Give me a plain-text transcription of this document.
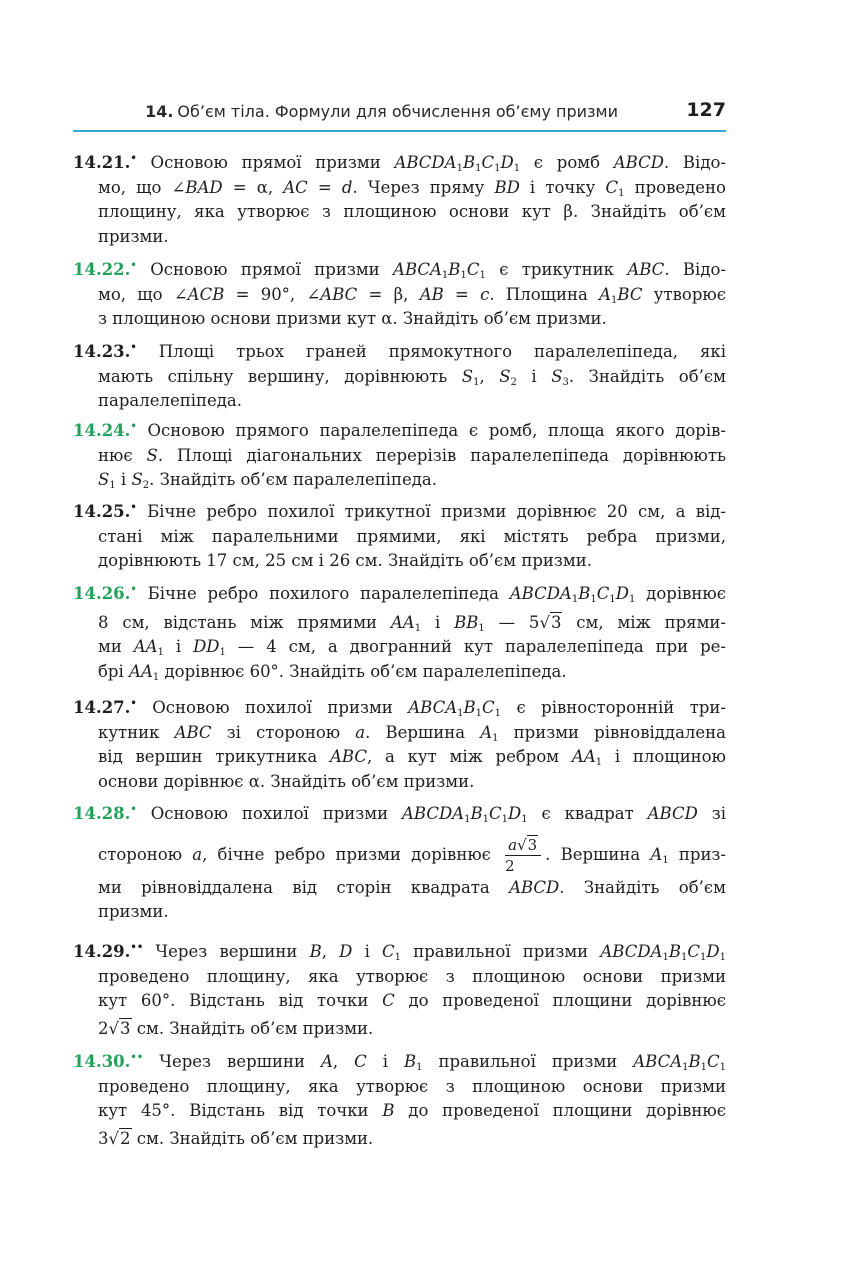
14. Об’єм тіла. Формули для обчислення об’єму призми	127
14.21.• Основою прямої призми $ABCDA_1B_1C_1D_1$ є ромб ABCD. Відо-
мо, що ∠BAD = α, AC = d. Через пряму BD і точку $C_1$ проведено
площину, яка утворює з площиною основи кут β. Знайдіть об’єм
призми.
14.22.• Основою прямої призми $ABCA_1B_1C_1$ є трикутник ABC. Відо-
мо, що ∠ACB = 90°, ∠ABC = β, AB = c. Площина $A_1BC$ утворює
з площиною основи призми кут α. Знайдіть об’єм призми.
14.23.• Площі трьох граней прямокутного паралелепіпеда, які
мають спільну вершину, дорівнюють $S_1$, $S_2$ і $S_3$. Знайдіть об’єм
паралелепіпеда.
14.24.• Основою прямого паралелепіпеда є ромб, площа якого дорів-
нює S. Площі діагональних перерізів паралелепіпеда дорівнюють
$S_1$ і $S_2$. Знайдіть об’єм паралелепіпеда.
14.25.• Бічне ребро похилої трикутної призми дорівнює 20 см, а від-
стані між паралельними прямими, які містять ребра призми,
дорівнюють 17 см, 25 см і 26 см. Знайдіть об’єм призми.
14.26.• Бічне ребро похилого паралелепіпеда $ABCDA_1B_1C_1D_1$ дорівнює
8 см, відстань між прямими $AA_1$ і $BB_1$ — 5√3 см, між прями-
ми $AA_1$ і $DD_1$ — 4 см, а двогранний кут паралелепіпеда при ре-
брі $AA_1$ дорівнює 60°. Знайдіть об’єм паралелепіпеда.
14.27.• Основою похилої призми $ABCA_1B_1C_1$ є рівносторонній три-
кутник ABC зі стороною a. Вершина $A_1$ призми рівновіддалена
від вершин трикутника ABC, а кут між ребром $AA_1$ і площиною
основи дорівнює α. Знайдіть об’єм призми.
14.28.• Основою похилої призми $ABCDA_1B_1C_1D_1$ є квадрат ABCD зі
стороною a, бічне ребро призми дорівнює $\frac{a√3}{2}$ . Вершина $A_1$ приз-
ми рівновіддалена від сторін квадрата ABCD. Знайдіть об’єм
призми.
14.29.•• Через вершини B, D і $C_1$ правильної призми $ABCDA_1B_1C_1D_1$
проведено площину, яка утворює з площиною основи призми
кут 60°. Відстань від точки C до проведеної площини дорівнює
2√3 см. Знайдіть об’єм призми.
14.30.•• Через вершини A, C і $B_1$ правильної призми $ABCA_1B_1C_1$
проведено площину, яка утворює з площиною основи призми
кут 45°. Відстань від точки B до проведеної площини дорівнює
3√2 см. Знайдіть об’єм призми.
